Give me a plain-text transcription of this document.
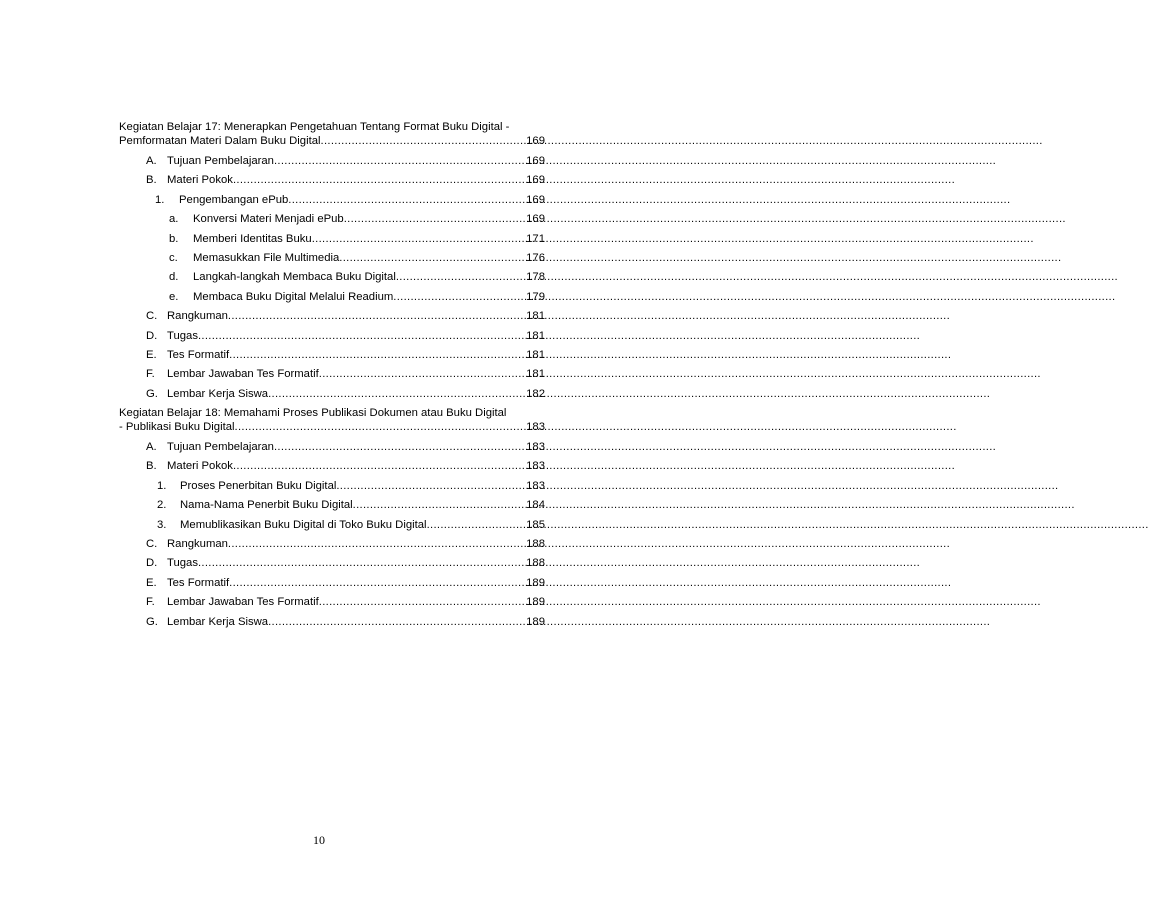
Kegiatan Belajar 17: Menerapkan Pengetahuan Tentang Format Buku Digital -
Pemformatan Materi Dalam Buku Digital .....	169
A. Tujuan Pembelajaran .....	169
B. Materi Pokok .....	169
1.	Pengembangan ePub .....	169
a.	Konversi Materi Menjadi ePub .....	169
b.	Memberi Identitas Buku .....	171
c.	Memasukkan File Multimedia .....	176
d.	Langkah-langkah Membaca Buku Digital .....	178
e.	Membaca Buku Digital Melalui Readium .....	179
C. Rangkuman .....	181
D. Tugas .....	181
E. Tes Formatif .....	181
F.	Lembar Jawaban Tes Formatif .....	181
G. Lembar Kerja Siswa .....	182
Kegiatan Belajar 18: Memahami Proses Publikasi Dokumen atau Buku Digital
- Publikasi Buku Digital .....	183
A. Tujuan Pembelajaran .....	183
B. Materi Pokok .....	183
1.	Proses Penerbitan Buku Digital .....	183
2.	Nama-Nama Penerbit Buku Digital .....	184
3.	Memublikasikan Buku Digital di Toko Buku Digital .....	185
C. Rangkuman .....	188
D. Tugas .....	188
E. Tes Formatif .....	189
F.	Lembar Jawaban Tes Formatif .....	189
G. Lembar Kerja Siswa .....	189
10
